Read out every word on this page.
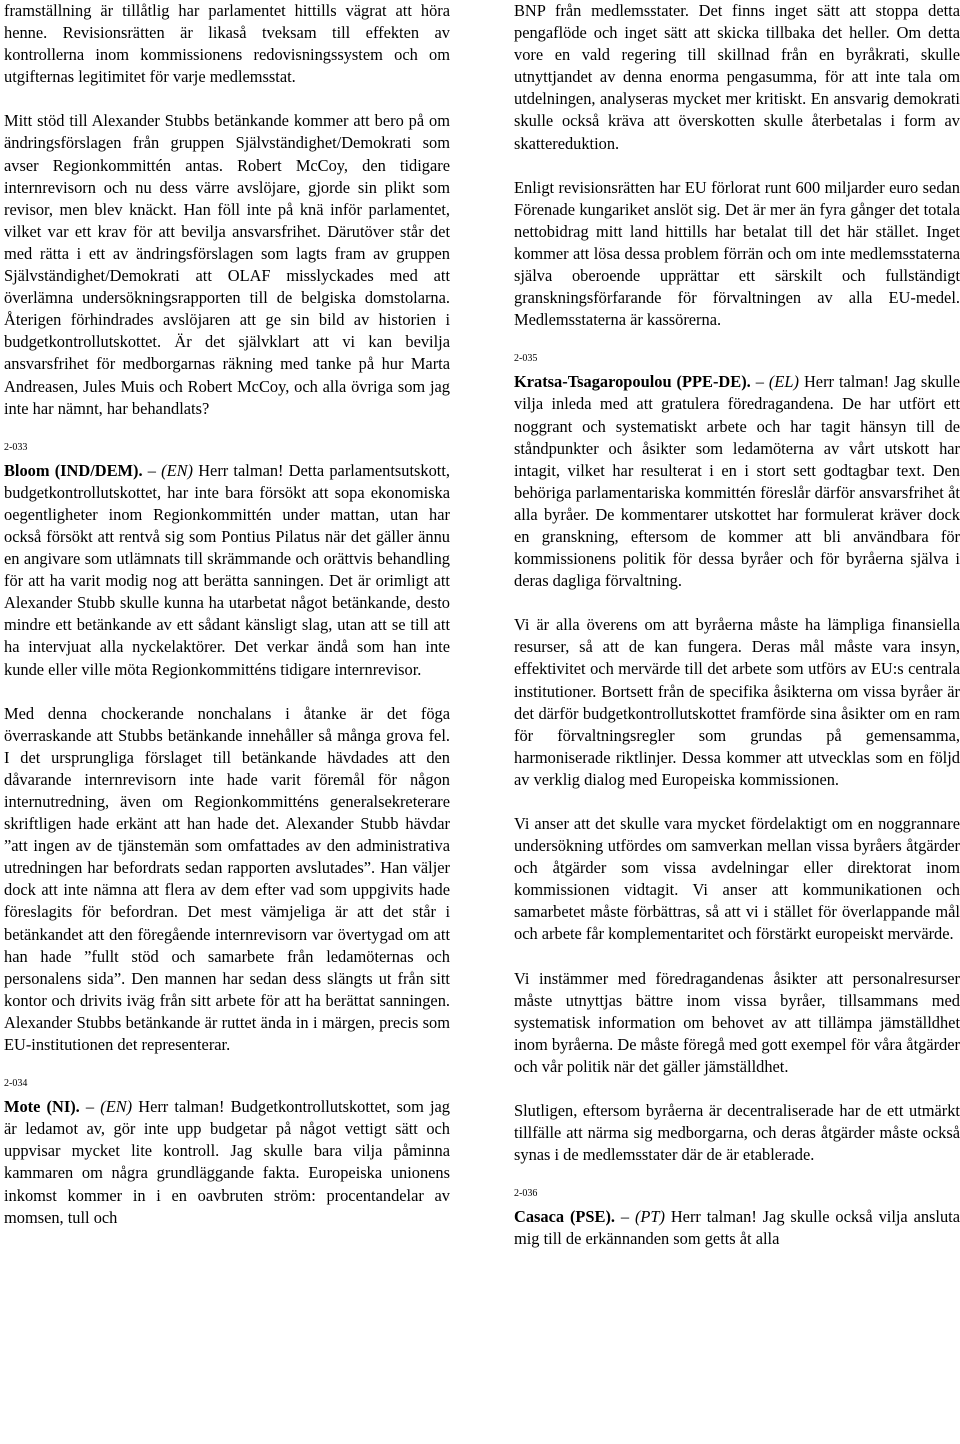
framställning är tillåtlig har parlamentet hittills vägrat att höra henne. Revisionsrätten är likaså tveksam till effekten av kontrollerna inom kommissionens redovisningssystem och om utgifternas legitimitet för varje medlemsstat.

Mitt stöd till Alexander Stubbs betänkande kommer att bero på om ändringsförslagen från gruppen Självständighet/Demokrati som avser Regionkommittén antas. Robert McCoy, den tidigare internrevisorn och nu dess värre avslöjare, gjorde sin plikt som revisor, men blev knäckt. Han föll inte på knä inför parlamentet, vilket var ett krav för att bevilja ansvarsfrihet. Därutöver står det med rätta i ett av ändringsförslagen som lagts fram av gruppen Självständighet/Demokrati att OLAF misslyckades med att överlämna undersökningsrapporten till de belgiska domstolarna. Återigen förhindrades avslöjaren att ge sin bild av historien i budgetkontrollutskottet. Är det självklart att vi kan bevilja ansvarsfrihet för medborgarnas räkning med tanke på hur Marta Andreasen, Jules Muis och Robert McCoy, och alla övriga som jag inte har nämnt, har behandlats?

2-033

Bloom (IND/DEM). – (EN) Herr talman! Detta parlamentsutskott, budgetkontrollutskottet, har inte bara försökt att sopa ekonomiska oegentligheter inom Regionkommittén under mattan, utan har också försökt att rentvå sig som Pontius Pilatus när det gäller ännu en angivare som utlämnats till skrämmande och orättvis behandling för att ha varit modig nog att berätta sanningen. Det är orimligt att Alexander Stubb skulle kunna ha utarbetat något betänkande, desto mindre ett betänkande av ett sådant känsligt slag, utan att se till att ha intervjuat alla nyckelaktörer. Det verkar ändå som han inte kunde eller ville möta Regionkommitténs tidigare internrevisor.

Med denna chockerande nonchalans i åtanke är det föga överraskande att Stubbs betänkande innehåller så många grova fel. I det ursprungliga förslaget till betänkande hävdades att den dåvarande internrevisorn inte hade varit föremål för någon internutredning, även om Regionkommitténs generalsekreterare skriftligen hade erkänt att han hade det. Alexander Stubb hävdar ”att ingen av de tjänstemän som omfattades av den administrativa utredningen har befordrats sedan rapporten avslutades”. Han väljer dock att inte nämna att flera av dem efter vad som uppgivits hade föreslagits för befordran. Det mest vämjeliga är att det står i betänkandet att den föregående internrevisorn var övertygad om att han hade ”fullt stöd och samarbete från ledamöternas och personalens sida”. Den mannen har sedan dess slängts ut från sitt kontor och drivits iväg från sitt arbete för att ha berättat sanningen. Alexander Stubbs betänkande är ruttet ända in i märgen, precis som EU-institutionen det representerar.

2-034

Mote (NI). – (EN) Herr talman! Budgetkontrollutskottet, som jag är ledamot av, gör inte upp budgetar på något vettigt sätt och uppvisar mycket lite kontroll. Jag skulle bara vilja påminna kammaren om några grundläggande fakta. Europeiska unionens inkomst kommer in i en oavbruten ström: procentandelar av momsen, tull och

BNP från medlemsstater. Det finns inget sätt att stoppa detta pengaflöde och inget sätt att skicka tillbaka det heller. Om detta vore en vald regering till skillnad från en byråkrati, skulle utnyttjandet av denna enorma pengasumma, för att inte tala om utdelningen, analyseras mycket mer kritiskt. En ansvarig demokrati skulle också kräva att överskotten skulle återbetalas i form av skattereduktion.

Enligt revisionsrätten har EU förlorat runt 600 miljarder euro sedan Förenade kungariket anslöt sig. Det är mer än fyra gånger det totala nettobidrag mitt land hittills har betalat till det här stället. Inget kommer att lösa dessa problem förrän och om inte medlemsstaterna själva oberoende upprättar ett särskilt och fullständigt granskningsförfarande för förvaltningen av alla EU-medel. Medlemsstaterna är kassörerna.

2-035

Kratsa-Tsagaropoulou (PPE-DE). – (EL) Herr talman! Jag skulle vilja inleda med att gratulera föredragandena. De har utfört ett noggrant och systematiskt arbete och har tagit hänsyn till de ståndpunkter och åsikter som ledamöterna av vårt utskott har intagit, vilket har resulterat i en i stort sett godtagbar text. Den behöriga parlamentariska kommittén föreslår därför ansvarsfrihet åt alla byråer. De kommentarer utskottet har formulerat kräver dock en granskning, eftersom de kommer att bli användbara för kommissionens politik för dessa byråer och för byråerna själva i deras dagliga förvaltning.

Vi är alla överens om att byråerna måste ha lämpliga finansiella resurser, så att de kan fungera. Deras mål måste vara insyn, effektivitet och mervärde till det arbete som utförs av EU:s centrala institutioner. Bortsett från de specifika åsikterna om vissa byråer är det därför budgetkontrollutskottet framförde sina åsikter om en ram för förvaltningsregler som grundas på gemensamma, harmoniserade riktlinjer. Dessa kommer att utvecklas som en följd av verklig dialog med Europeiska kommissionen.

Vi anser att det skulle vara mycket fördelaktigt om en noggrannare undersökning utfördes om samverkan mellan vissa byråers åtgärder och åtgärder som vissa avdelningar eller direktorat inom kommissionen vidtagit. Vi anser att kommunikationen och samarbetet måste förbättras, så att vi i stället för överlappande mål och arbete får komplementaritet och förstärkt europeiskt mervärde.

Vi instämmer med föredragandenas åsikter att personalresurser måste utnyttjas bättre inom vissa byråer, tillsammans med systematisk information om behovet av att tillämpa jämställdhet inom byråerna. De måste föregå med gott exempel för våra åtgärder och vår politik när det gäller jämställdhet.

Slutligen, eftersom byråerna är decentraliserade har de ett utmärkt tillfälle att närma sig medborgarna, och deras åtgärder måste också synas i de medlemsstater där de är etablerade.

2-036

Casaca (PSE). – (PT) Herr talman! Jag skulle också vilja ansluta mig till de erkännanden som getts åt alla
